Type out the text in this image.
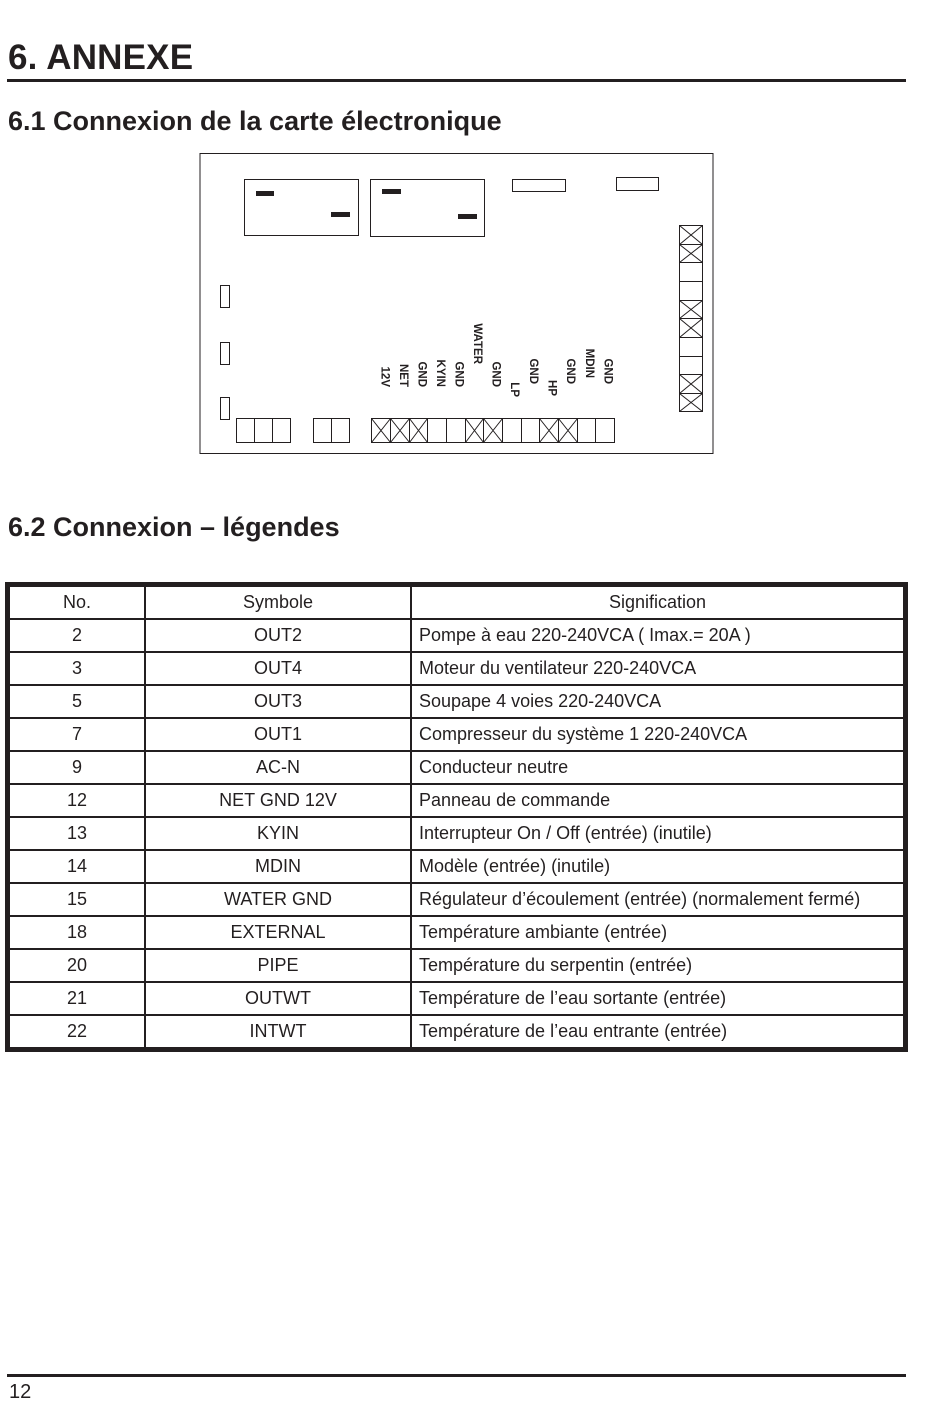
6. ANNEXE
6.1 Connexion de la carte électronique
12V NET GND KYIN GND
WATER
GND
LP
GND
HP
GND MDIN GND
6.2 Connexion – légendes
No.	Symbole	Signification
2	OUT2	Pompe à eau 220-240VCA ( Imax.= 20A )
3	OUT4	Moteur du ventilateur 220-240VCA
5	OUT3	Soupape 4 voies 220-240VCA
7	OUT1	Compresseur du système 1 220-240VCA
9	AC-N	Conducteur neutre
12	NET GND 12V	Panneau de commande
13	KYIN	Interrupteur On / Off (entrée) (inutile)
14	MDIN	Modèle (entrée) (inutile)
15	WATER GND	Régulateur d’écoulement (entrée) (normalement fermé)
18	EXTERNAL	Température ambiante (entrée)
20	PIPE	Température du serpentin (entrée)
21	OUTWT	Température de l’eau sortante (entrée)
22	INTWT	Température de l’eau entrante (entrée)
12
